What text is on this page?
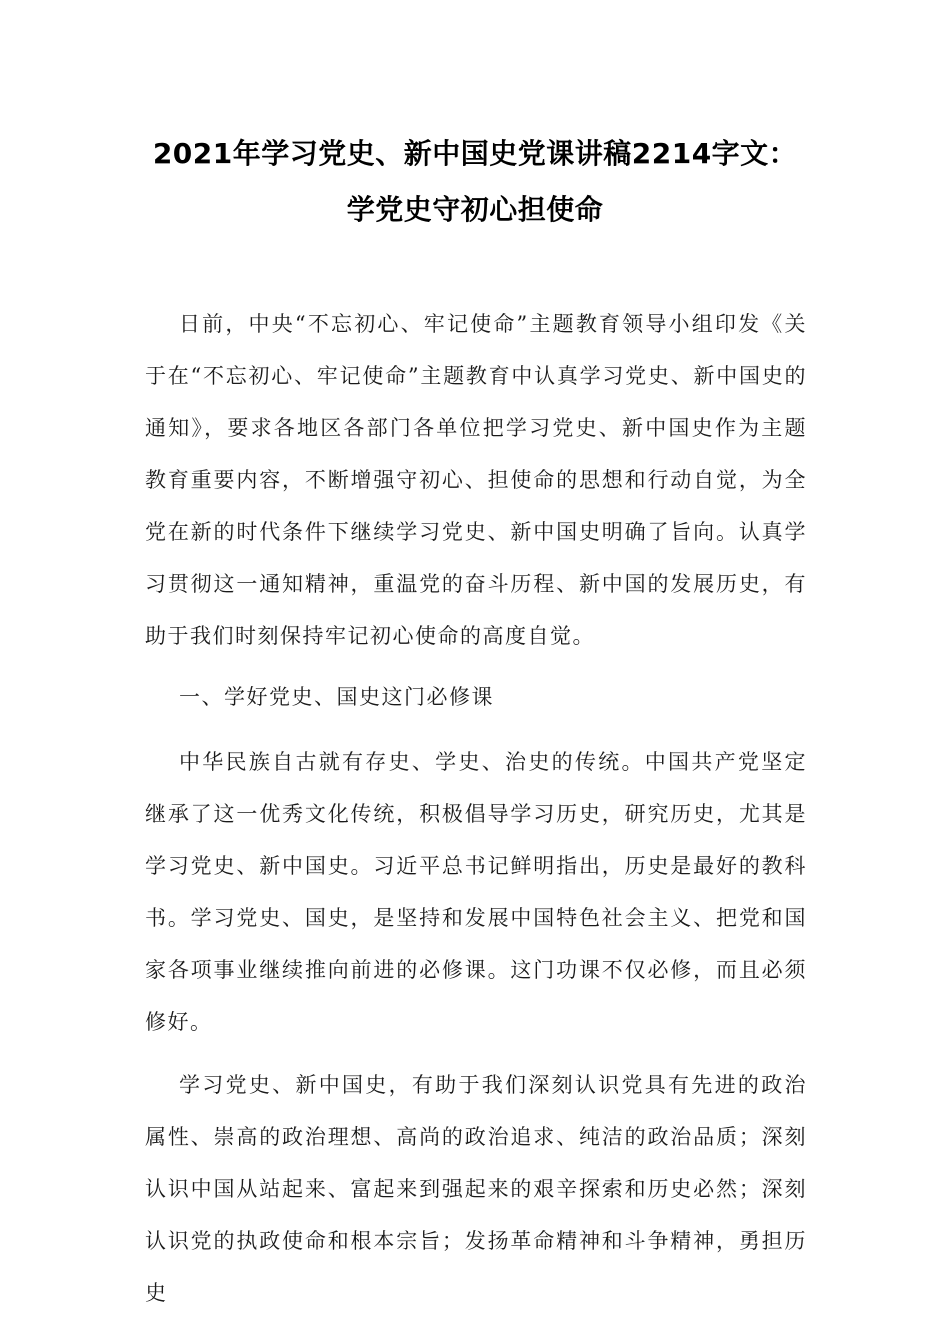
2021年学习党史、新中国史党课讲稿2214字文：学党史守初心担使命

日前，中央“不忘初心、牢记使命”主题教育领导小组印发《关于在“不忘初心、牢记使命”主题教育中认真学习党史、新中国史的通知》，要求各地区各部门各单位把学习党史、新中国史作为主题教育重要内容，不断增强守初心、担使命的思想和行动自觉，为全党在新的时代条件下继续学习党史、新中国史明确了旨向。认真学习贯彻这一通知精神，重温党的奋斗历程、新中国的发展历史，有助于我们时刻保持牢记初心使命的高度自觉。

一、学好党史、国史这门必修课

中华民族自古就有存史、学史、治史的传统。中国共产党坚定继承了这一优秀文化传统，积极倡导学习历史，研究历史，尤其是学习党史、新中国史。习近平总书记鲜明指出，历史是最好的教科书。学习党史、国史，是坚持和发展中国特色社会主义、把党和国家各项事业继续推向前进的必修课。这门功课不仅必修，而且必须修好。

学习党史、新中国史，有助于我们深刻认识党具有先进的政治属性、崇高的政治理想、高尚的政治追求、纯洁的政治品质；深刻认识中国从站起来、富起来到强起来的艰辛探索和历史必然；深刻认识党的执政使命和根本宗旨；发扬革命精神和斗争精神，勇担历史
